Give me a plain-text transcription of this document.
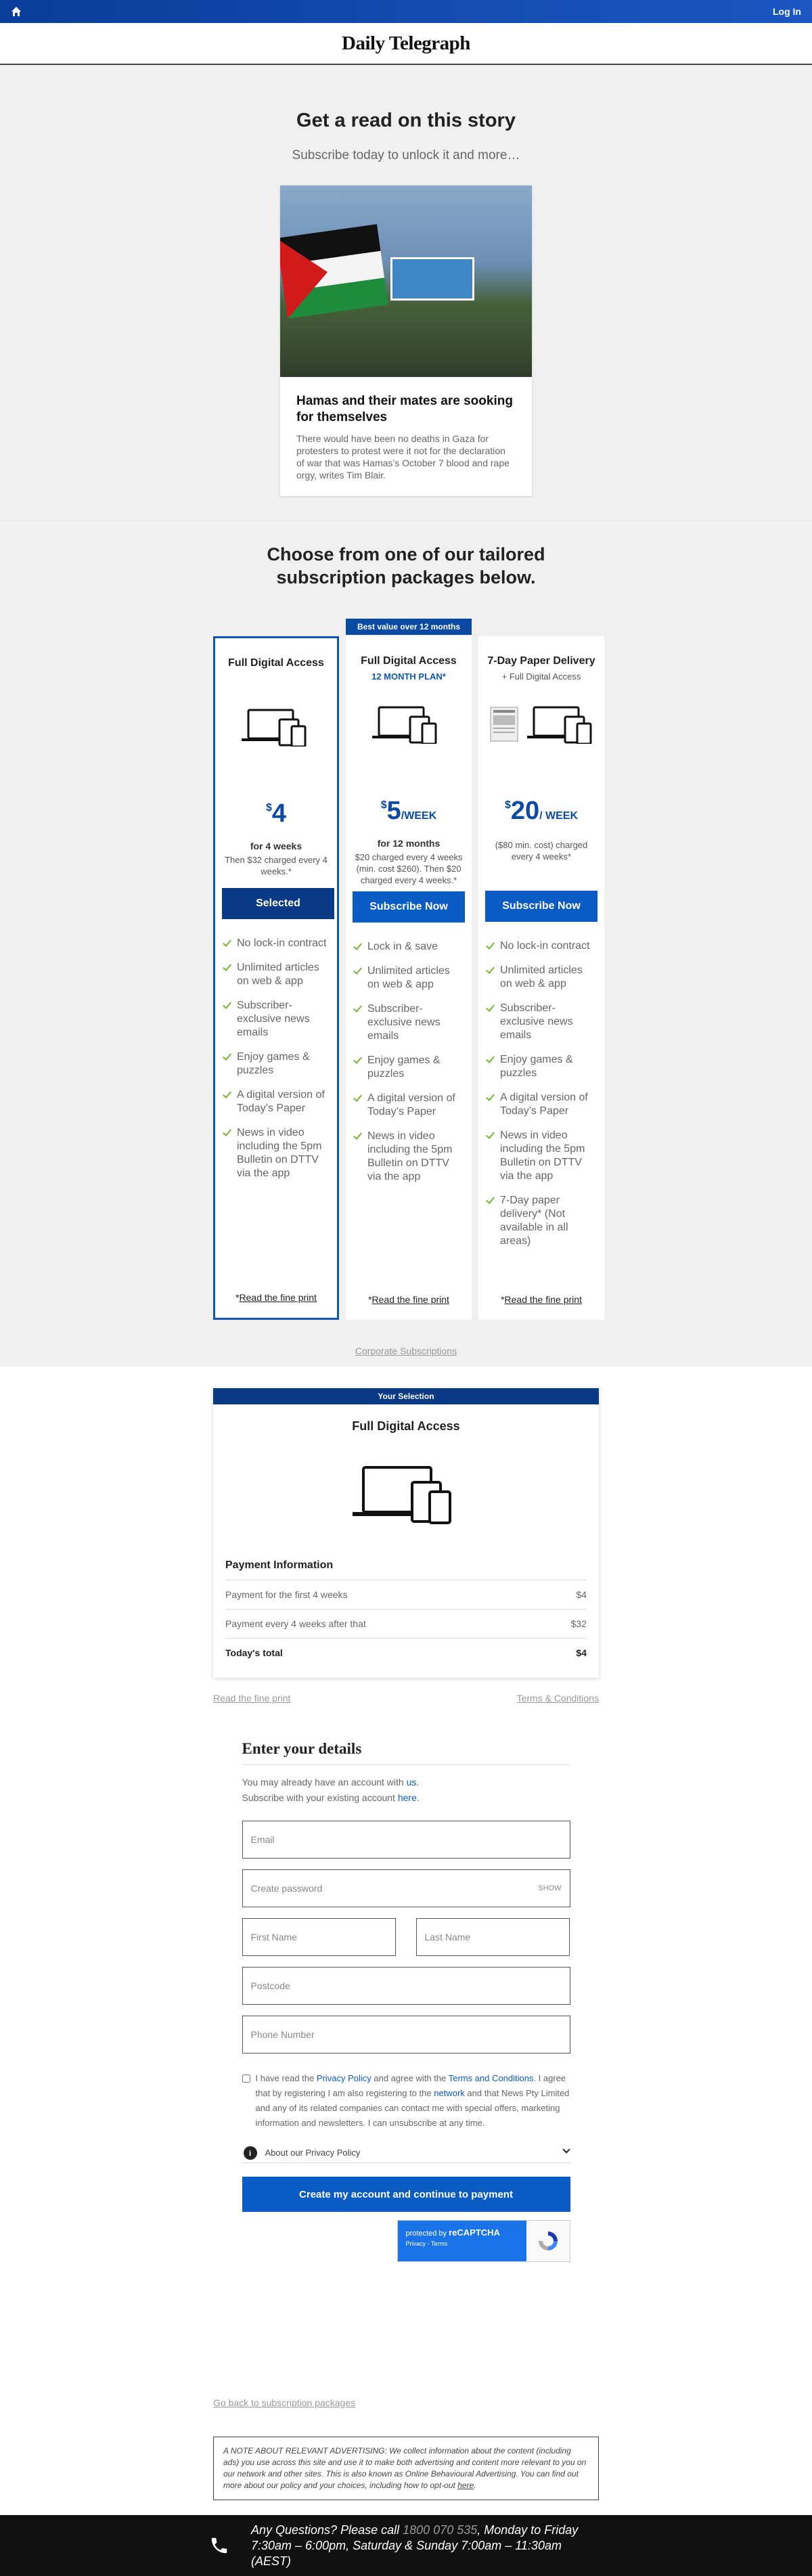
Log In
Daily Telegraph
Get a read on this story

Subscribe today to unlock it and more…

Hamas and their mates are sooking for themselves
There would have been no deaths in Gaza for protesters to protest were it not for the declaration of war that was Hamas’s October 7 blood and rape orgy, writes Tim Blair.
Choose from one of our tailored subscription packages below.
Best value over 12 months
Full Digital Access
$4
for 4 weeks
Then $32 charged every 4 weeks.*
Selected
No lock-in contract
Unlimited articles on web & app
Subscriber-exclusive news emails
Enjoy games & puzzles
A digital version of Today’s Paper
News in video including the 5pm Bulletin on DTTV via the app
*Read the fine print
Full Digital Access
12 MONTH PLAN*
$5/WEEK
for 12 months
$20 charged every 4 weeks (min. cost $260). Then $20 charged every 4 weeks.*
Subscribe Now
Lock in & save
Unlimited articles on web & app
Subscriber-exclusive news emails
Enjoy games & puzzles
A digital version of Today’s Paper
News in video including the 5pm Bulletin on DTTV via the app
*Read the fine print
7-Day Paper Delivery
+ Full Digital Access
$20/ WEEK
($80 min. cost) charged every 4 weeks*
Subscribe Now
No lock-in contract
Unlimited articles on web & app
Subscriber-exclusive news emails
Enjoy games & puzzles
A digital version of Today’s Paper
News in video including the 5pm Bulletin on DTTV via the app
7-Day paper delivery* (Not available in all areas)
*Read the fine print
Corporate Subscriptions
Your Selection
Full Digital Access
Payment Information
Payment for the first 4 weeks	$4
Payment every 4 weeks after that	$32
Today's total	$4
Read the fine print	Terms & Conditions
Enter your details

You may already have an account with us.
Subscribe with your existing account here.

Email
Create password	SHOW
First Name	Last Name
Postcode
Phone Number

I have read the Privacy Policy and agree with the Terms and Conditions. I agree that by registering I am also registering to the network and that News Pty Limited and any of its related companies can contact me with special offers, marketing information and newsletters. I can unsubscribe at any time.

i	About our Privacy Policy
Create my account and continue to payment
protected by reCAPTCHA
Privacy - Terms
Go back to subscription packages
A NOTE ABOUT RELEVANT ADVERTISING: We collect information about the content (including ads) you use across this site and use it to make both advertising and content more relevant to you on our network and other sites. This is also known as Online Behavioural Advertising. You can find out more about our policy and your choices, including how to opt-out here.

Any Questions? Please call 1800 070 535, Monday to Friday 7:30am – 6:00pm, Saturday & Sunday 7:00am – 11:30am (AEST)
